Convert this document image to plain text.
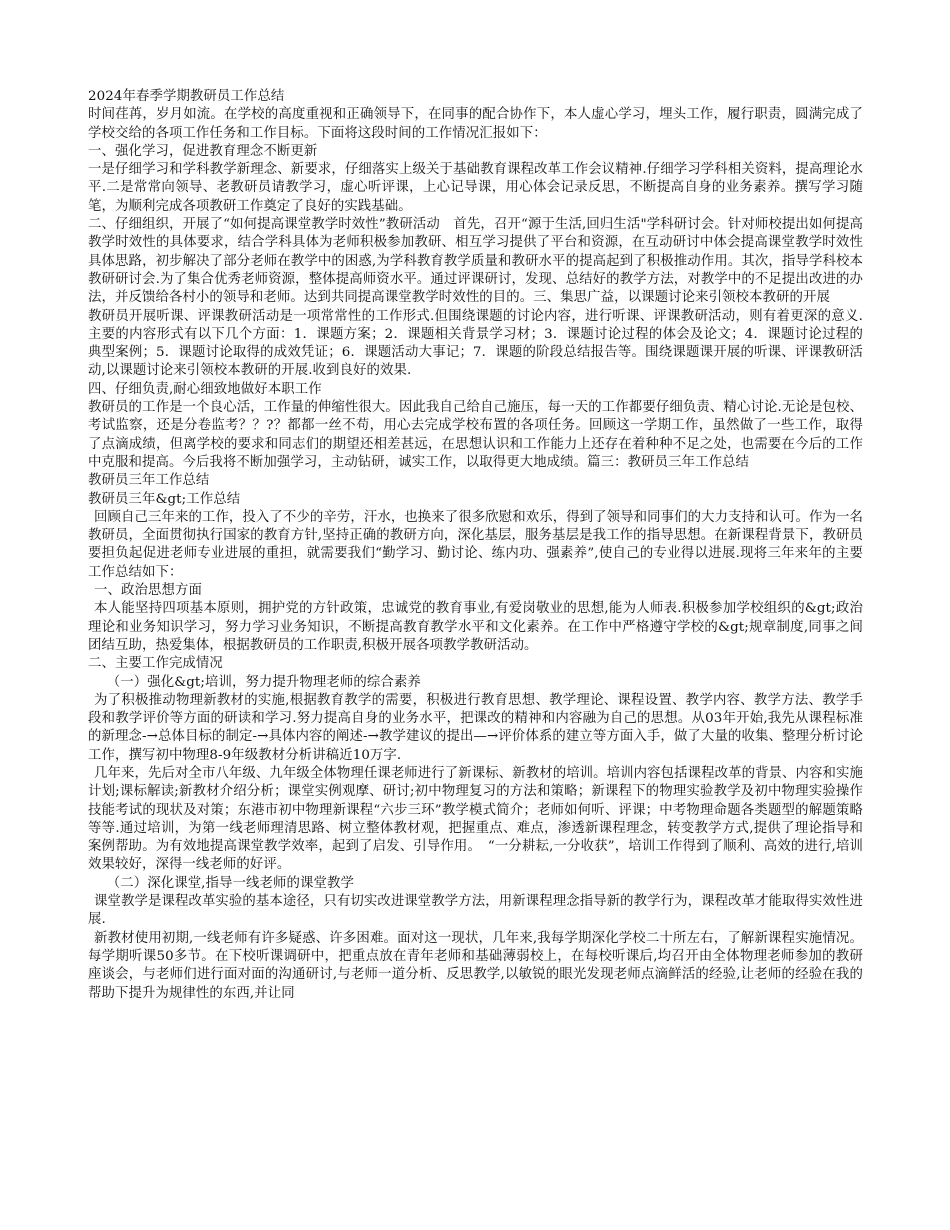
2024年春季学期教研员工作总结

时间荏苒，岁月如流。在学校的高度重视和正确领导下，在同事的配合协作下，本人虚心学习，埋头工作，履行职责，圆满完成了学校交给的各项工作任务和工作目标。下面将这段时间的工作情况汇报如下：

一、强化学习，促进教育理念不断更新

一是仔细学习和学科教学新理念、新要求，仔细落实上级关于基础教育课程改革工作会议精神.仔细学习学科相关资料，提高理论水平.二是常常向领导、老教研员请教学习，虚心听评课，上心记导课，用心体会记录反思，不断提高自身的业务素养。撰写学习随笔，为顺利完成各项教研工作奠定了良好的实践基础。

二、仔细组织，开展了“如何提高课堂教学时效性”教研活动　首先，召开“源于生活,回归生活"学科研讨会。针对师校提出如何提高教学时效性的具体要求，结合学科具体为老师积极参加教研、相互学习提供了平台和资源，在互动研讨中体会提高课堂教学时效性具体思路，初步解决了部分老师在教学中的困惑,为学科教育教学质量和教研水平的提高起到了积极推动作用。其次，指导学科校本教研研讨会.为了集合优秀老师资源，整体提高师资水平。通过评课研讨，发现、总结好的教学方法，对教学中的不足提出改进的办法，并反馈给各村小的领导和老师。达到共同提高课堂教学时效性的目的。三、集思广益，以课题讨论来引领校本教研的开展

教研员开展听课、评课教研活动是一项常常性的工作形式.但围绕课题的讨论内容，进行听课、评课教研活动，则有着更深的意义.主要的内容形式有以下几个方面：1．课题方案；2．课题相关背景学习材；3．课题讨论过程的体会及论文；4．课题讨论过程的典型案例；5．课题讨论取得的成效凭证；6．课题活动大事记；7．课题的阶段总结报告等。围绕课题课开展的听课、评课教研活动,以课题讨论来引领校本教研的开展.收到良好的效果.

四、仔细负责,耐心细致地做好本职工作

教研员的工作是一个良心活，工作量的伸缩性很大。因此我自己给自己施压，每一天的工作都要仔细负责、精心讨论.无论是包校、考试监察，还是分卷监考？？?？都都一丝不苟，用心去完成学校布置的各项任务。回顾这一学期工作，虽然做了一些工作，取得了点滴成绩，但离学校的要求和同志们的期望还相差甚远，在思想认识和工作能力上还存在着种种不足之处，也需要在今后的工作中克服和提高。今后我将不断加强学习，主动钻研，诚实工作，以取得更大地成绩。篇三：教研员三年工作总结

教研员三年工作总结

教研员三年&gt;工作总结

回顾自己三年来的工作，投入了不少的辛劳，汗水，也换来了很多欣慰和欢乐，得到了领导和同事们的大力支持和认可。作为一名教研员，全面贯彻执行国家的教育方针,坚持正确的教研方向，深化基层，服务基层是我工作的指导思想。在新课程背景下，教研员要担负起促进老师专业进展的重担，就需要我们“勤学习、勤讨论、练内功、强素养”,使自己的专业得以进展.现将三年来年的主要工作总结如下：

一、政治思想方面

本人能坚持四项基本原则，拥护党的方针政策，忠诚党的教育事业,有爱岗敬业的思想,能为人师表.积极参加学校组织的&gt;政治理论和业务知识学习，努力学习业务知识，不断提高教育教学水平和文化素养。在工作中严格遵守学校的&gt;规章制度,同事之间团结互助，热爱集体，根据教研员的工作职责,积极开展各项教学教研活动。

二、主要工作完成情况

（一）强化&gt;培训，努力提升物理老师的综合素养

为了积极推动物理新教材的实施,根据教育教学的需要，积极进行教育思想、教学理论、课程设置、教学内容、教学方法、教学手段和教学评价等方面的研读和学习.努力提高自身的业务水平，把课改的精神和内容融为自己的思想。从03年开始,我先从课程标准的新理念-→总体目标的制定-→具体内容的阐述-→教学建议的提出—→评价体系的建立等方面入手，做了大量的收集、整理分析讨论工作，撰写初中物理8-9年级教材分析讲稿近10万字.

几年来，先后对全市八年级、九年级全体物理任课老师进行了新课标、新教材的培训。培训内容包括课程改革的背景、内容和实施计划;课标解读;新教材介绍分析；课堂实例观摩、研讨;初中物理复习的方法和策略；新课程下的物理实验教学及初中物理实验操作技能考试的现状及对策；东港市初中物理新课程“六步三环”教学模式简介；老师如何听、评课；中考物理命题各类题型的解题策略等等.通过培训，为第一线老师理清思路、树立整体教材观，把握重点、难点，渗透新课程理念，转变教学方式,提供了理论指导和案例帮助。为有效地提高课堂教学效率，起到了启发、引导作用。　“一分耕耘,一分收获”，培训工作得到了顺利、高效的进行,培训效果较好，深得一线老师的好评。

（二）深化课堂,指导一线老师的课堂教学

课堂教学是课程改革实验的基本途径，只有切实改进课堂教学方法，用新课程理念指导新的教学行为，课程改革才能取得实效性进展.

新教材使用初期,一线老师有许多疑惑、许多困难。面对这一现状，几年来,我每学期深化学校二十所左右，了解新课程实施情况。每学期听课50多节。在下校听课调研中，把重点放在青年老师和基础薄弱校上，在每校听课后,均召开由全体物理老师参加的教研座谈会，与老师们进行面对面的沟通研讨,与老师一道分析、反思教学,以敏锐的眼光发现老师点滴鲜活的经验,让老师的经验在我的帮助下提升为规律性的东西,并让同
